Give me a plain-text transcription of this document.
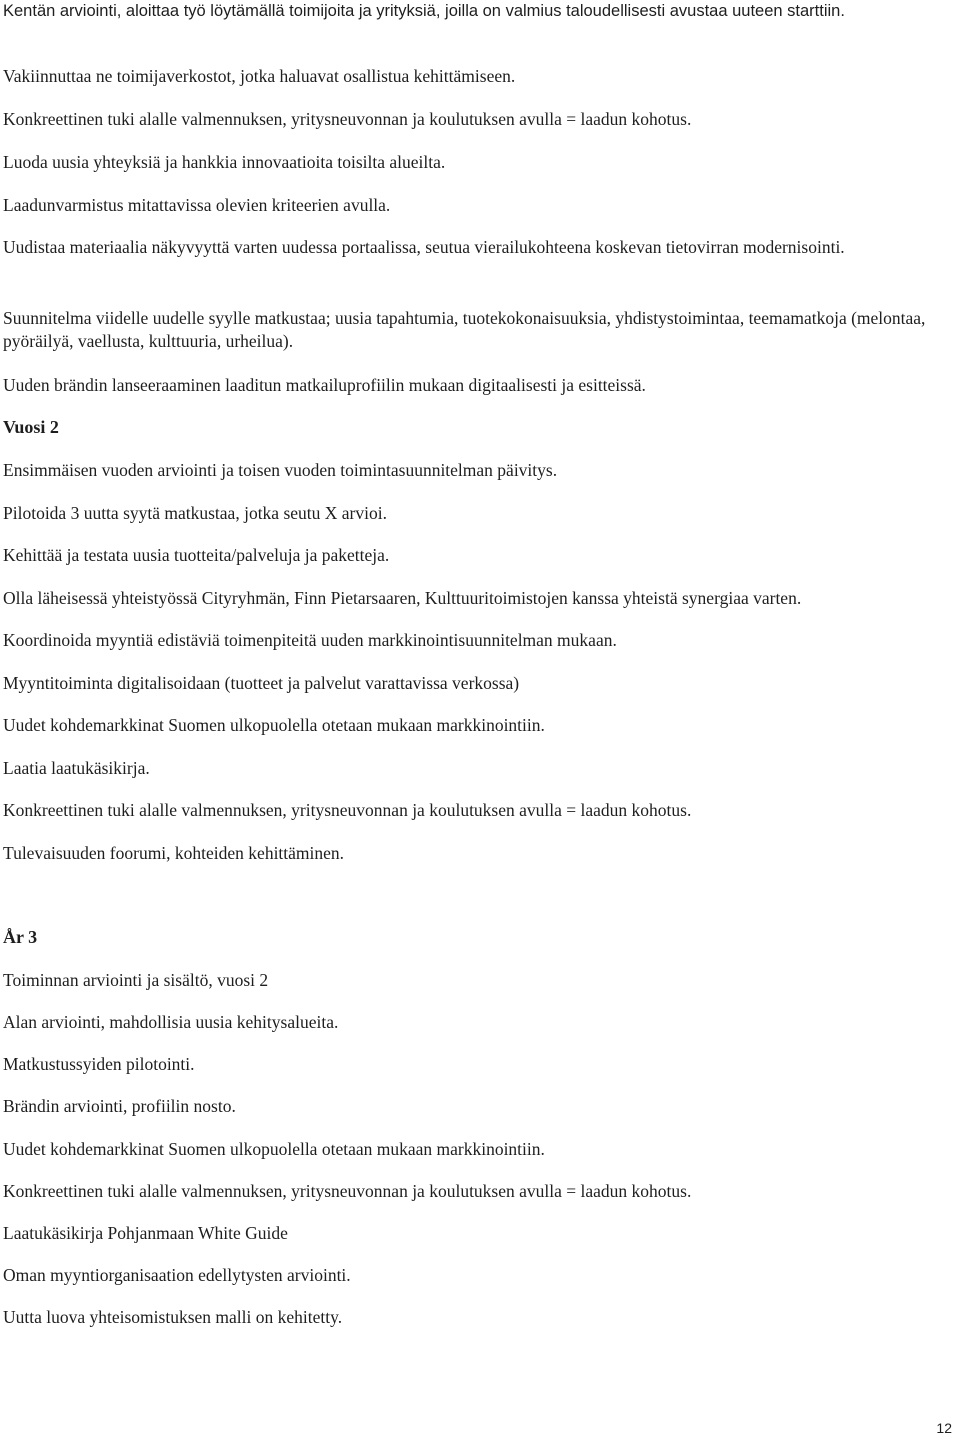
Kentän arviointi, aloittaa työ löytämällä toimijoita ja yrityksiä, joilla on valmius taloudellisesti avustaa uuteen starttiin.

Vakiinnuttaa ne toimijaverkostot, jotka haluavat osallistua kehittämiseen.

Konkreettinen tuki alalle valmennuksen, yritysneuvonnan ja koulutuksen avulla = laadun kohotus.

Luoda uusia yhteyksiä ja hankkia innovaatioita toisilta alueilta.

Laadunvarmistus mitattavissa olevien kriteerien avulla.

Uudistaa materiaalia näkyvyyttä varten uudessa portaalissa, seutua vierailukohteena koskevan tietovirran modernisointi.

Suunnitelma viidelle uudelle syylle matkustaa; uusia tapahtumia, tuotekokonaisuuksia, yhdistystoimintaa, teemamatkoja (melontaa, pyöräilyä, vaellusta, kulttuuria, urheilua).

Uuden brändin lanseeraaminen laaditun matkailuprofiilin mukaan digitaalisesti ja esitteissä.

Vuosi 2

Ensimmäisen vuoden arviointi ja toisen vuoden toimintasuunnitelman päivitys.

Pilotoida 3 uutta syytä matkustaa, jotka seutu X arvioi.

Kehittää ja testata uusia tuotteita/palveluja ja paketteja.

Olla läheisessä yhteistyössä Cityryhmän, Finn Pietarsaaren, Kulttuuritoimistojen kanssa yhteistä synergiaa varten.

Koordinoida myyntiä edistäviä toimenpiteitä uuden markkinointisuunnitelman mukaan.

Myyntitoiminta digitalisoidaan (tuotteet ja palvelut varattavissa verkossa)

Uudet kohdemarkkinat Suomen ulkopuolella otetaan mukaan markkinointiin.

Laatia laatukäsikirja.

Konkreettinen tuki alalle valmennuksen, yritysneuvonnan ja koulutuksen avulla = laadun kohotus.

Tulevaisuuden foorumi, kohteiden kehittäminen.

År 3

Toiminnan arviointi ja sisältö, vuosi 2

Alan arviointi, mahdollisia uusia kehitysalueita.

Matkustussyiden pilotointi.

Brändin arviointi, profiilin nosto.

Uudet kohdemarkkinat Suomen ulkopuolella otetaan mukaan markkinointiin.

Konkreettinen tuki alalle valmennuksen, yritysneuvonnan ja koulutuksen avulla = laadun kohotus.

Laatukäsikirja Pohjanmaan White Guide

Oman myyntiorganisaation edellytysten arviointi.

Uutta luova yhteisomistuksen malli on kehitetty.

12
